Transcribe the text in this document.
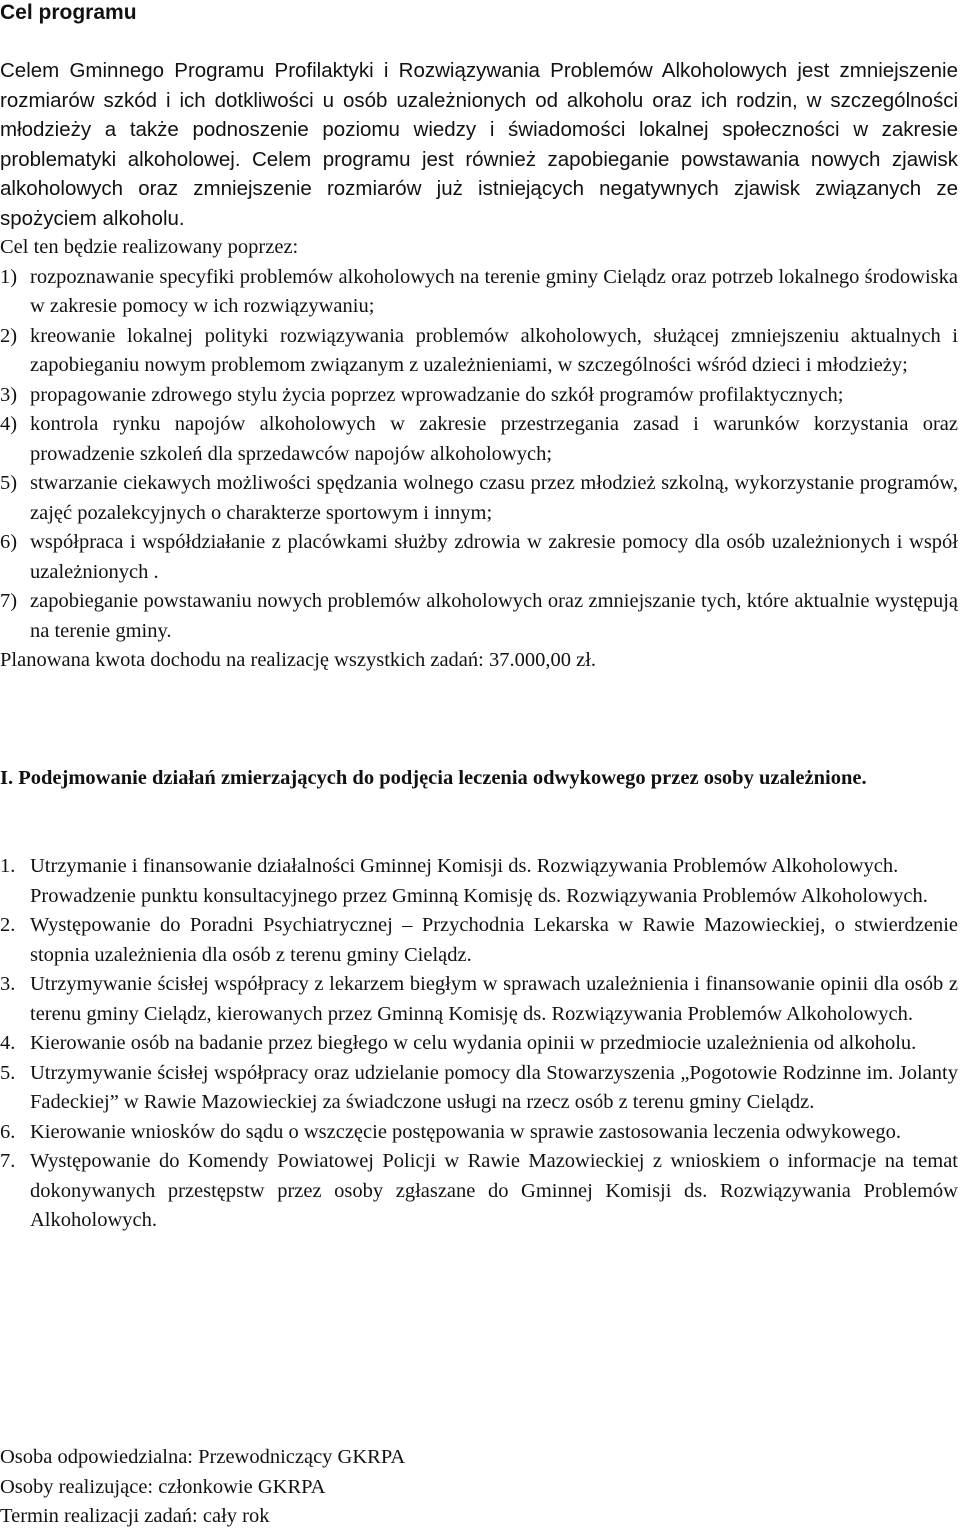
Cel programu
Celem Gminnego Programu Profilaktyki i Rozwiązywania Problemów Alkoholowych jest zmniejszenie rozmiarów szkód i ich dotkliwości u osób uzależnionych od alkoholu oraz ich rodzin, w szczególności młodzieży a także podnoszenie poziomu wiedzy i świadomości lokalnej społeczności w zakresie problematyki alkoholowej. Celem programu jest również zapobieganie powstawania nowych zjawisk alkoholowych oraz zmniejszenie rozmiarów już istniejących negatywnych zjawisk związanych ze spożyciem alkoholu.
Cel ten będzie realizowany poprzez:
1) rozpoznawanie specyfiki problemów alkoholowych na terenie gminy Cielądz oraz potrzeb lokalnego środowiska w zakresie pomocy w ich rozwiązywaniu;
2) kreowanie lokalnej polityki rozwiązywania problemów alkoholowych, służącej zmniejszeniu aktualnych i zapobieganiu nowym problemom związanym z uzależnieniami, w szczególności wśród dzieci i młodzieży;
3) propagowanie zdrowego stylu życia poprzez wprowadzanie do szkół programów profilaktycznych;
4) kontrola rynku napojów alkoholowych w zakresie przestrzegania zasad i warunków korzystania oraz prowadzenie szkoleń dla sprzedawców napojów alkoholowych;
5) stwarzanie ciekawych możliwości spędzania wolnego czasu przez młodzież szkolną, wykorzystanie programów, zajęć pozalekcyjnych o charakterze sportowym i innym;
6) współpraca i współdziałanie z placówkami służby zdrowia w zakresie pomocy dla osób uzależnionych i współ uzależnionych .
7) zapobieganie powstawaniu nowych problemów alkoholowych oraz zmniejszanie tych, które aktualnie występują na terenie gminy.
Planowana kwota dochodu na realizację wszystkich zadań: 37.000,00 zł.
I. Podejmowanie działań zmierzających do podjęcia leczenia odwykowego przez osoby uzależnione.
1. Utrzymanie i finansowanie działalności Gminnej Komisji ds. Rozwiązywania Problemów Alkoholowych.
Prowadzenie punktu konsultacyjnego przez Gminną Komisję ds. Rozwiązywania Problemów Alkoholowych.
2. Występowanie do Poradni Psychiatrycznej – Przychodnia Lekarska w Rawie Mazowieckiej, o stwierdzenie stopnia uzależnienia dla osób z terenu gminy Cielądz.
3. Utrzymywanie ścisłej współpracy z lekarzem biegłym w sprawach uzależnienia i finansowanie opinii dla osób z terenu gminy Cielądz, kierowanych przez Gminną Komisję ds. Rozwiązywania Problemów Alkoholowych.
4. Kierowanie osób na badanie przez biegłego w celu wydania opinii w przedmiocie uzależnienia od alkoholu.
5. Utrzymywanie ścisłej współpracy oraz udzielanie pomocy dla Stowarzyszenia „Pogotowie Rodzinne im. Jolanty Fadeckiej” w Rawie Mazowieckiej za świadczone usługi na rzecz osób z terenu gminy Cielądz.
6. Kierowanie wniosków do sądu o wszczęcie postępowania w sprawie zastosowania leczenia odwykowego.
7. Występowanie do Komendy Powiatowej Policji w Rawie Mazowieckiej z wnioskiem o informacje na temat dokonywanych przestępstw przez osoby zgłaszane do Gminnej Komisji ds. Rozwiązywania Problemów Alkoholowych.
Osoba odpowiedzialna: Przewodniczący GKRPA
Osoby realizujące: członkowie GKRPA
Termin realizacji zadań: cały rok
